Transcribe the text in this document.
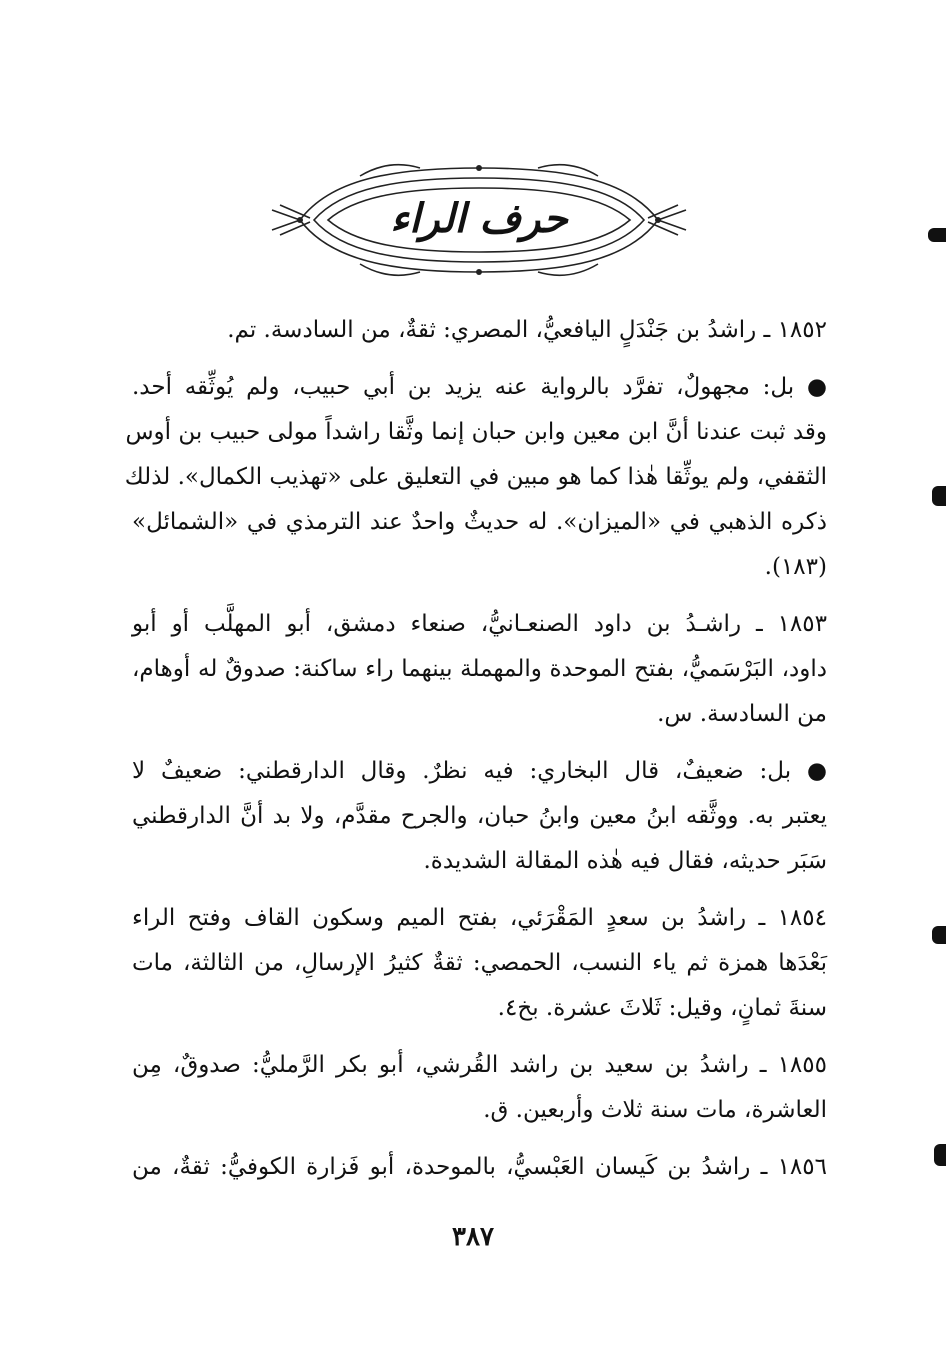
حرف الراء

١٨٥٢ ـ راشدُ بن جَنْدَلٍ اليافعيُّ، المصري: ثقةٌ، من السادسة. تم.

● بل: مجهولٌ، تفرَّد بالرواية عنه يزيد بن أبي حبيب، ولم يُوثِّقه أحد.
وقد ثبت عندنا أنَّ ابن معين وابن حبان إنما وثَّقا راشداً مولى حبيب بن أوس
الثقفي، ولم يوثِّقا هٰذا كما هو مبين في التعليق على «تهذيب الكمال». لذلك
ذكره الذهبي في «الميزان». له حديثٌ واحدٌ عند الترمذي في «الشمائل»
(١٨٣).

١٨٥٣ ـ راشـدُ بن داود الصنعـانيُّ، صنعاء دمشق، أبو المهلَّب أو أبو
داود، البَرْسَميُّ، بفتح الموحدة والمهملة بينهما راء ساكنة: صدوقٌ له أوهام،
من السادسة. س.

● بل: ضعيفٌ، قال البخاري: فيه نظرٌ. وقال الدارقطني: ضعيفٌ لا
يعتبر به. ووثَّقه ابنُ معين وابنُ حبان، والجرح مقدَّم، ولا بد أنَّ الدارقطني
سَبَر حديثه، فقال فيه هٰذه المقالة الشديدة.

١٨٥٤ ـ راشدُ بن سعدٍ المَقْرَئي، بفتح الميم وسكون القاف وفتح الراء
بَعْدَها همزة ثم ياء النسب، الحمصي: ثقةٌ كثيرُ الإرسالِ، من الثالثة، مات
سنةَ ثمانٍ، وقيل: ثَلاثَ عشرة. بخ٤.

١٨٥٥ ـ راشدُ بن سعيد بن راشد القُرشي، أبو بكر الرَّمليُّ: صدوقٌ، مِن
العاشرة، مات سنة ثلاث وأربعين. ق.

١٨٥٦ ـ راشدُ بن كَيسان العَبْسيُّ، بالموحدة، أبو فَزارة الكوفيُّ: ثقةٌ، من

٣٨٧
